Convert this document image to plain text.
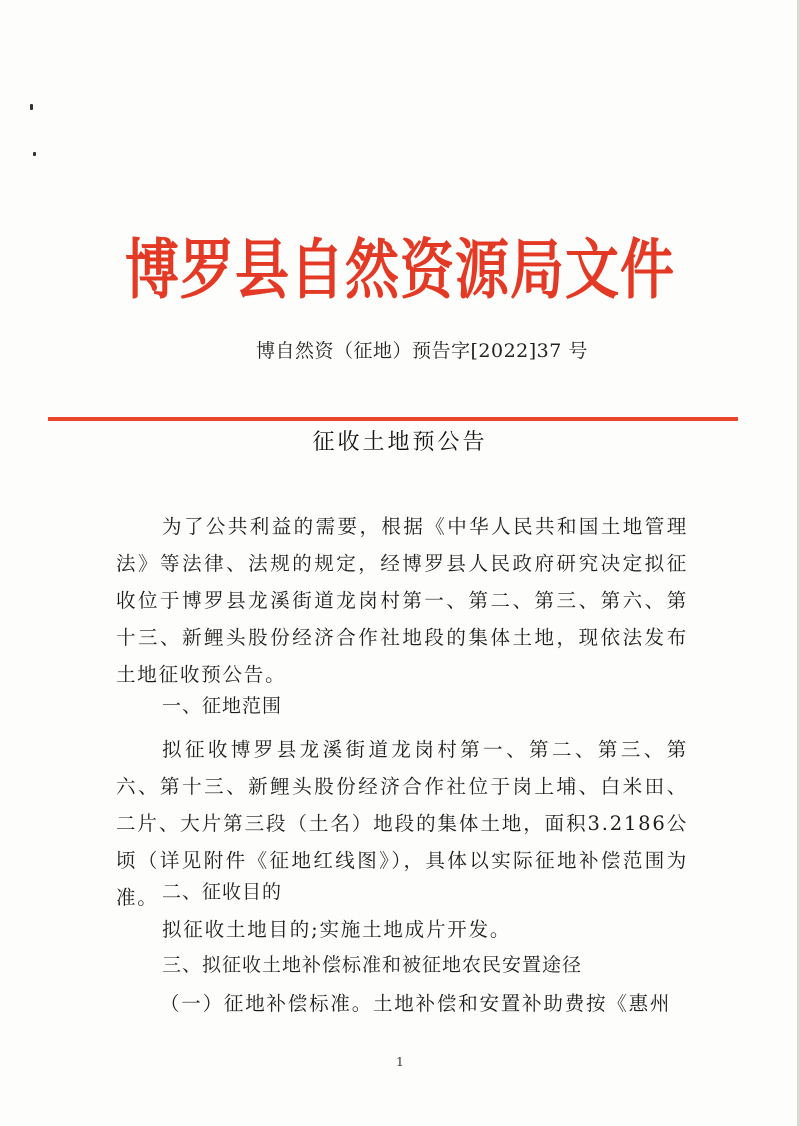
博罗县自然资源局文件
博自然资（征地）预告字[2022]37 号
征收土地预公告

为了公共利益的需要，根据《中华人民共和国土地管理法》等法律、法规的规定，经博罗县人民政府研究决定拟征收位于博罗县龙溪街道龙岗村第一、第二、第三、第六、第十三、新鲤头股份经济合作社地段的集体土地，现依法发布土地征收预公告。

一、征地范围

拟征收博罗县龙溪街道龙岗村第一、第二、第三、第六、第十三、新鲤头股份经济合作社位于岗上埔、白米田、二片、大片第三段（土名）地段的集体土地，面积3.2186公顷（详见附件《征地红线图》），具体以实际征地补偿范围为准。 二、征收目的

拟征收土地目的;实施土地成片开发。

三、拟征收土地补偿标准和被征地农民安置途径

（一）征地补偿标准。土地补偿和安置补助费按《惠州

1
